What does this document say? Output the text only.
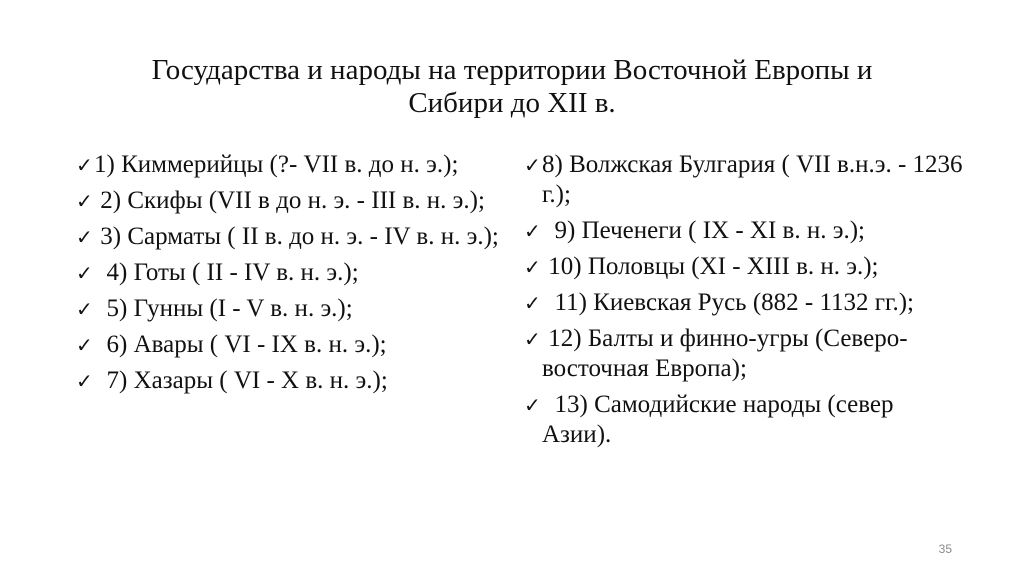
Государства и народы на территории Восточной Европы и
Сибири до XII в.
✓ 1) Киммерийцы (?- VII в. до н. э.);
✓ 2) Скифы (VII в до н. э. - III в. н. э.);
✓ 3) Сарматы ( II в. до н. э. - IV в. н. э.);
✓ 4) Готы ( II - IV в. н. э.);
✓ 5) Гунны (I - V в. н. э.);
✓ 6) Авары ( VI - IX в. н. э.);
✓ 7) Хазары ( VI - X в. н. э.);
✓ 8) Волжская Булгария ( VII в.н.э. - 1236 г.);
✓ 9) Печенеги ( IX - XI в. н. э.);
✓ 10) Половцы (XI - XIII в. н. э.);
✓ 11) Киевская Русь (882 - 1132 гг.);
✓ 12) Балты и финно-угры (Северо-восточная Европа);
✓ 13) Самодийские народы (север Азии).
35
